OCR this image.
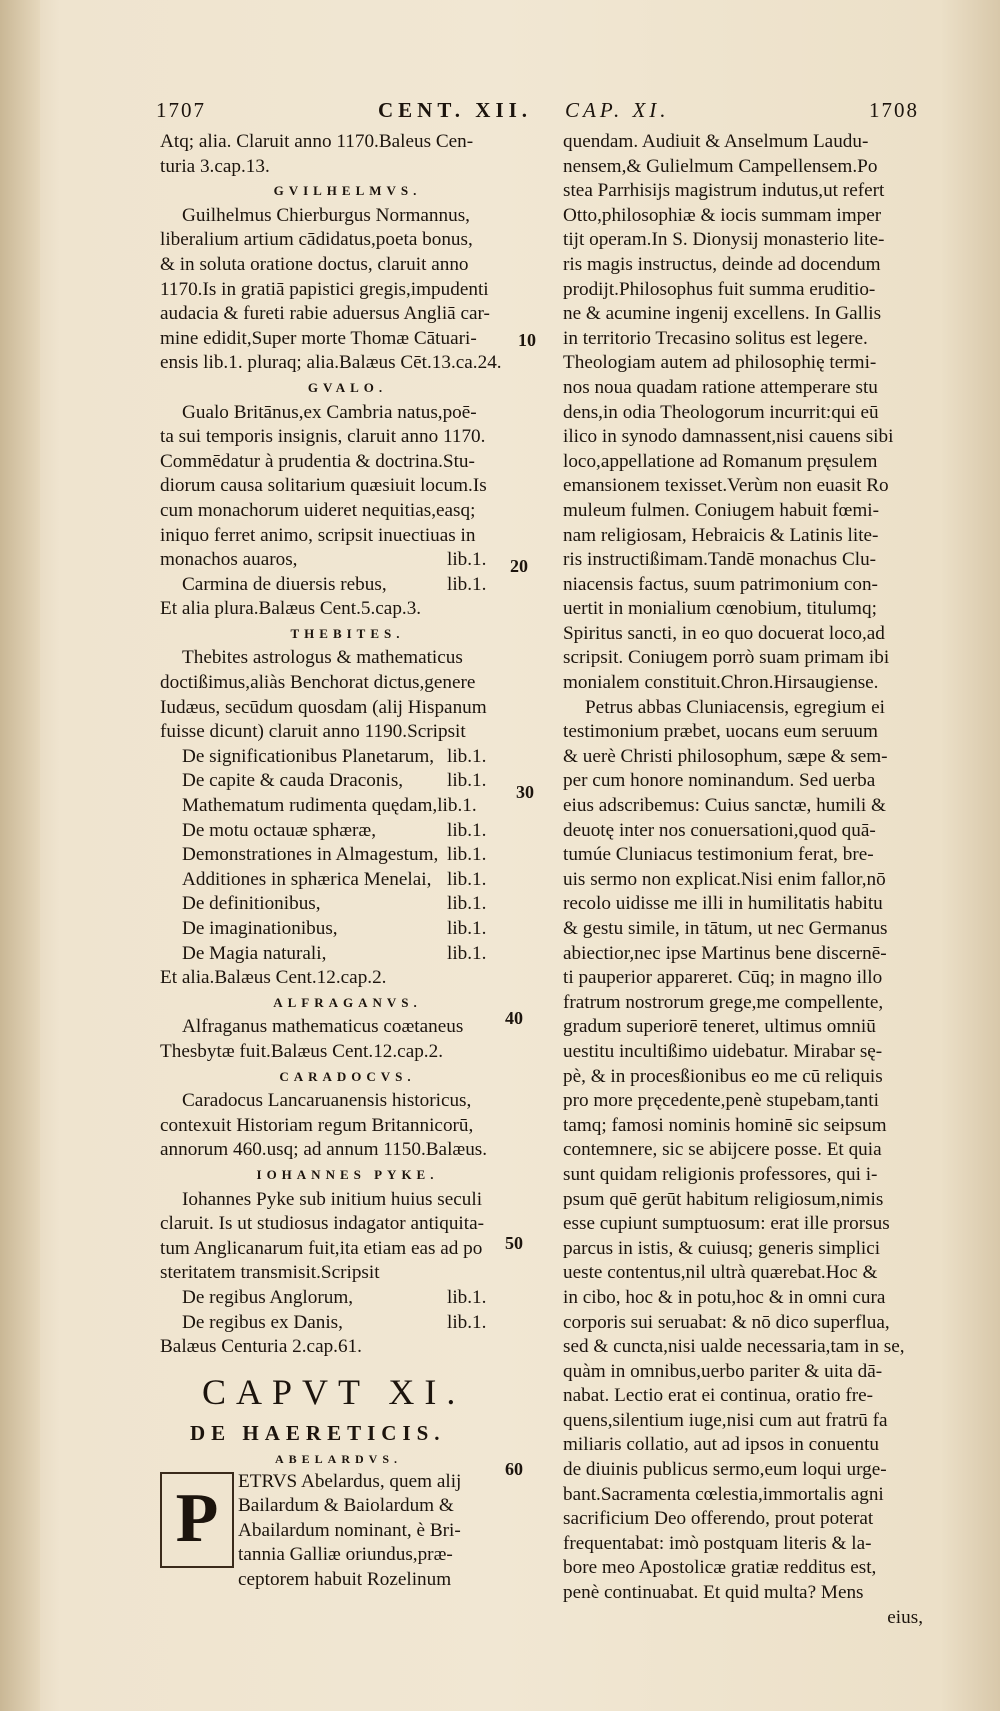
1707	CENT. XII. CAP. XI.	1708
Atq; alia. Claruit anno 1170.Baleus Cen-
turia 3.cap.13.
GVILHELMVS.
Guilhelmus Chierburgus Normannus,
liberalium artium cādidatus,poeta bonus,
& in soluta oratione doctus, claruit anno
1170.Is in gratiā papistici gregis,impudenti
audacia & fureti rabie aduersus Angliā car-
mine edidit,Super morte Thomæ Cātuari-
ensis lib.1. pluraq; alia.Balæus Cēt.13.ca.24.
GVALO.
Gualo Britānus,ex Cambria natus,poē-
ta sui temporis insignis, claruit anno 1170.
Commēdatur à prudentia & doctrina.Stu-
diorum causa solitarium quæsiuit locum.Is
cum monachorum uideret nequitias,easq;
iniquo ferret animo, scripsit inuectiuas in
monachos auaros,	lib.1.
Carmina de diuersis rebus,	lib.1.
Et alia plura.Balæus Cent.5.cap.3.
THEBITES.
Thebites astrologus & mathematicus
doctißimus,aliàs Benchorat dictus,genere
Iudæus, secūdum quosdam (alij Hispanum
fuisse dicunt) claruit anno 1190.Scripsit
De significationibus Planetarum, lib.1.
De capite & cauda Draconis, lib.1.
Mathematum rudimenta quędam,lib.1.
De motu octauæ sphæræ,	lib.1.
Demonstrationes in Almagestum, lib.1.
Additiones in sphærica Menelai, lib.1.
De definitionibus,	lib.1.
De imaginationibus,	lib.1.
De Magia naturali,	lib.1.
Et alia.Balæus Cent.12.cap.2.
ALFRAGANVS.
Alfraganus mathematicus coætaneus
Thesbytæ fuit.Balæus Cent.12.cap.2.
CARADOCVS.
Caradocus Lancaruanensis historicus,
contexuit Historiam regum Britannicorū,
annorum 460.usq; ad annum 1150.Balæus.
IOHANNES PYKE.
Iohannes Pyke sub initium huius seculi
claruit. Is ut studiosus indagator antiquita-
tum Anglicanarum fuit,ita etiam eas ad po
steritatem transmisit.Scripsit
De regibus Anglorum,	lib.1.
De regibus ex Danis,	lib.1.
Balæus Centuria 2.cap.61.
CAPVT XI.
DE HAERETICIS.
ABELARDVS.
P	ETRVS Abelardus, quem alij
Bailardum & Baiolardum &
Abailardum nominant, è Bri-
tannia Galliæ oriundus,præ-
ceptorem habuit Rozelinum
10
20
30
40
50
60
quendam. Audiuit & Anselmum Laudu-
nensem,& Gulielmum Campellensem.Po
stea Parrhisijs magistrum indutus,ut refert
Otto,philosophiæ & iocis summam imper
tijt operam.In S. Dionysij monasterio lite-
ris magis instructus, deinde ad docendum
prodijt.Philosophus fuit summa eruditio-
ne & acumine ingenij excellens. In Gallis
in territorio Trecasino solitus est legere.
Theologiam autem ad philosophię termi-
nos noua quadam ratione attemperare stu
dens,in odia Theologorum incurrit:qui eū
ilico in synodo damnassent,nisi cauens sibi
loco,appellatione ad Romanum pręsulem
emansionem texisset.Verùm non euasit Ro
muleum fulmen. Coniugem habuit fœmi-
nam religiosam, Hebraicis & Latinis lite-
ris instructißimam.Tandē monachus Clu-
niacensis factus, suum patrimonium con-
uertit in monialium cœnobium, titulumq;
Spiritus sancti, in eo quo docuerat loco,ad
scripsit. Coniugem porrò suam primam ibi
monialem constituit.Chron.Hirsaugiense.
Petrus abbas Cluniacensis, egregium ei
testimonium præbet, uocans eum seruum
& uerè Christi philosophum, sæpe & sem-
per cum honore nominandum. Sed uerba
eius adscribemus: Cuius sanctæ, humili &
deuotę inter nos conuersationi,quod quā-
tumúe Cluniacus testimonium ferat, bre-
uis sermo non explicat.Nisi enim fallor,nō
recolo uidisse me illi in humilitatis habitu
& gestu simile, in tātum, ut nec Germanus
abiectior,nec ipse Martinus bene discernē-
ti pauperior appareret. Cūq; in magno illo
fratrum nostrorum grege,me compellente,
gradum superiorē teneret, ultimus omniū
uestitu incultißimo uidebatur. Mirabar sę-
pè, & in procesßionibus eo me cū reliquis
pro more pręcedente,penè stupebam,tanti
tamq; famosi nominis hominē sic seipsum
contemnere, sic se abijcere posse. Et quia
sunt quidam religionis professores, qui i-
psum quē gerūt habitum religiosum,nimis
esse cupiunt sumptuosum: erat ille prorsus
parcus in istis, & cuiusq; generis simplici
ueste contentus,nil ultrà quærebat.Hoc &
in cibo, hoc & in potu,hoc & in omni cura
corporis sui seruabat: & nō dico superflua,
sed & cuncta,nisi ualde necessaria,tam in se,
quàm in omnibus,uerbo pariter & uita dā-
nabat. Lectio erat ei continua, oratio fre-
quens,silentium iuge,nisi cum aut fratrū fa
miliaris collatio, aut ad ipsos in conuentu
de diuinis publicus sermo,eum loqui urge-
bant.Sacramenta cœlestia,immortalis agni
sacrificium Deo offerendo, prout poterat
frequentabat: imò postquam literis & la-
bore meo Apostolicæ gratiæ redditus est,
penè continuabat. Et quid multa? Mens
eius,
